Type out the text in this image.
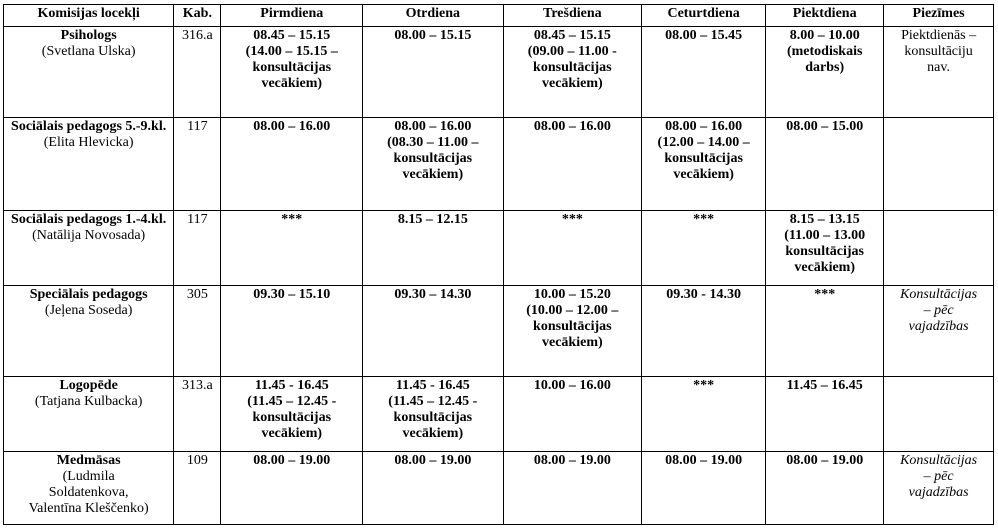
Komisijas locekļi	Kab.	Pirmdiena	Otrdiena	Trešdiena	Ceturtdiena	Piektdiena	Piezīmes

Psihologs
(Svetlana Ulska)	316.a	08.45 – 15.15
(14.00 – 15.15 –
konsultācijas
vecākiem)	08.00 – 15.15	08.45 – 15.15
(09.00 – 11.00 -
konsultācijas
vecākiem)	08.00 – 15.45	8.00 – 10.00
(metodiskais
darbs)	Piektdienās –
konsultāciju
nav.

Sociālais pedagogs 5.-9.kl.
(Elita Hlevicka)	117	08.00 – 16.00	08.00 – 16.00
(08.30 – 11.00 –
konsultācijas
vecākiem)	08.00 – 16.00	08.00 – 16.00
(12.00 – 14.00 –
konsultācijas
vecākiem)	08.00 – 15.00	

Sociālais pedagogs 1.-4.kl.
(Natālija Novosada)	117	***	8.15 – 12.15	***	***	8.15 – 13.15
(11.00 – 13.00
konsultācijas
vecākiem)	

Speciālais pedagogs
(Jeļena Soseda)	305	09.30 – 15.10	09.30 – 14.30	10.00 – 15.20
(10.00 – 12.00 –
konsultācijas
vecākiem)	09.30 - 14.30	***	Konsultācijas
– pēc
vajadzības

Logopēde
(Tatjana Kulbacka)	313.a	11.45 - 16.45
(11.45 – 12.45 -
konsultācijas
vecākiem)	11.45 - 16.45
(11.45 – 12.45 -
konsultācijas
vecākiem)	10.00 – 16.00	***	11.45 – 16.45	

Medmāsas
(Ludmila
Soldatenkova,
Valentīna Kleščenko)	109	08.00 – 19.00	08.00 – 19.00	08.00 – 19.00	08.00 – 19.00	08.00 – 19.00	Konsultācijas
– pēc
vajadzības
